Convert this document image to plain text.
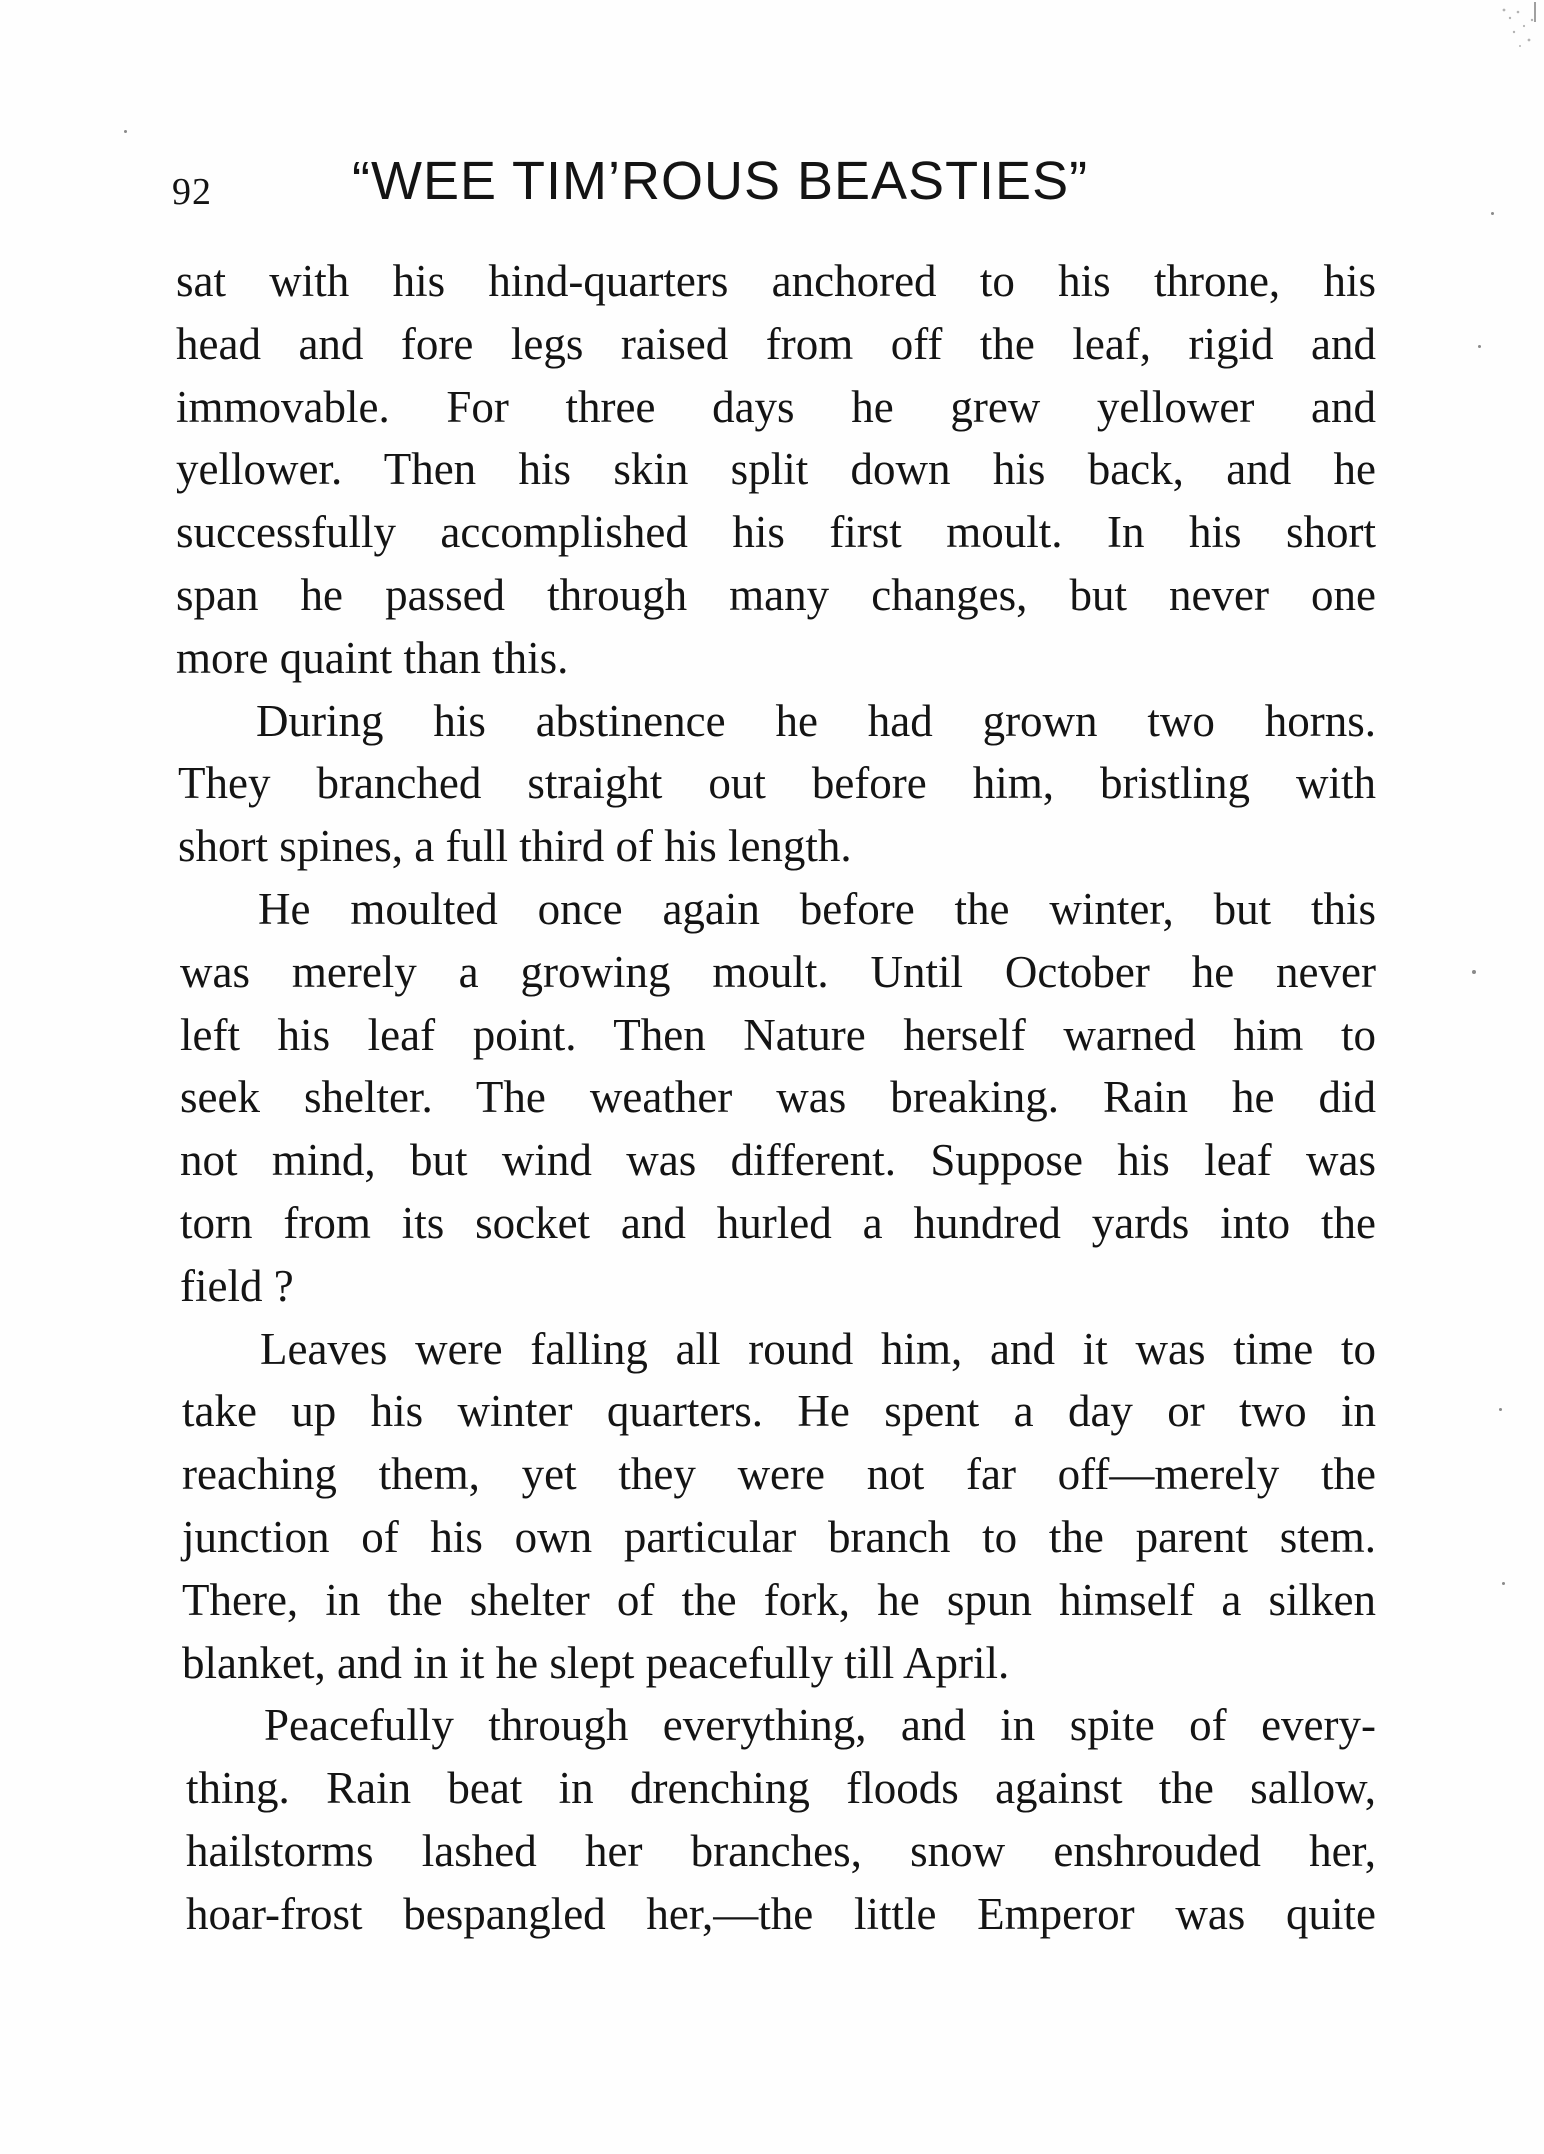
92	“WEE TIM’ROUS BEASTIES”
sat with his hind-quarters anchored to his throne, his
head and fore legs raised from off the leaf, rigid and
immovable. For three days he grew yellower and
yellower. Then his skin split down his back, and he
successfully accomplished his first moult. In his short
span he passed through many changes, but never one
more quaint than this.
During his abstinence he had grown two horns.
They branched straight out before him, bristling with
short spines, a full third of his length.
He moulted once again before the winter, but this
was merely a growing moult. Until October he never
left his leaf point. Then Nature herself warned him to
seek shelter. The weather was breaking. Rain he did
not mind, but wind was different. Suppose his leaf was
torn from its socket and hurled a hundred yards into the
field ?
Leaves were falling all round him, and it was time to
take up his winter quarters. He spent a day or two in
reaching them, yet they were not far off—merely the
junction of his own particular branch to the parent stem.
There, in the shelter of the fork, he spun himself a silken
blanket, and in it he slept peacefully till April.
Peacefully through everything, and in spite of every-
thing. Rain beat in drenching floods against the sallow,
hailstorms lashed her branches, snow enshrouded her,
hoar-frost bespangled her,—the little Emperor was quite
